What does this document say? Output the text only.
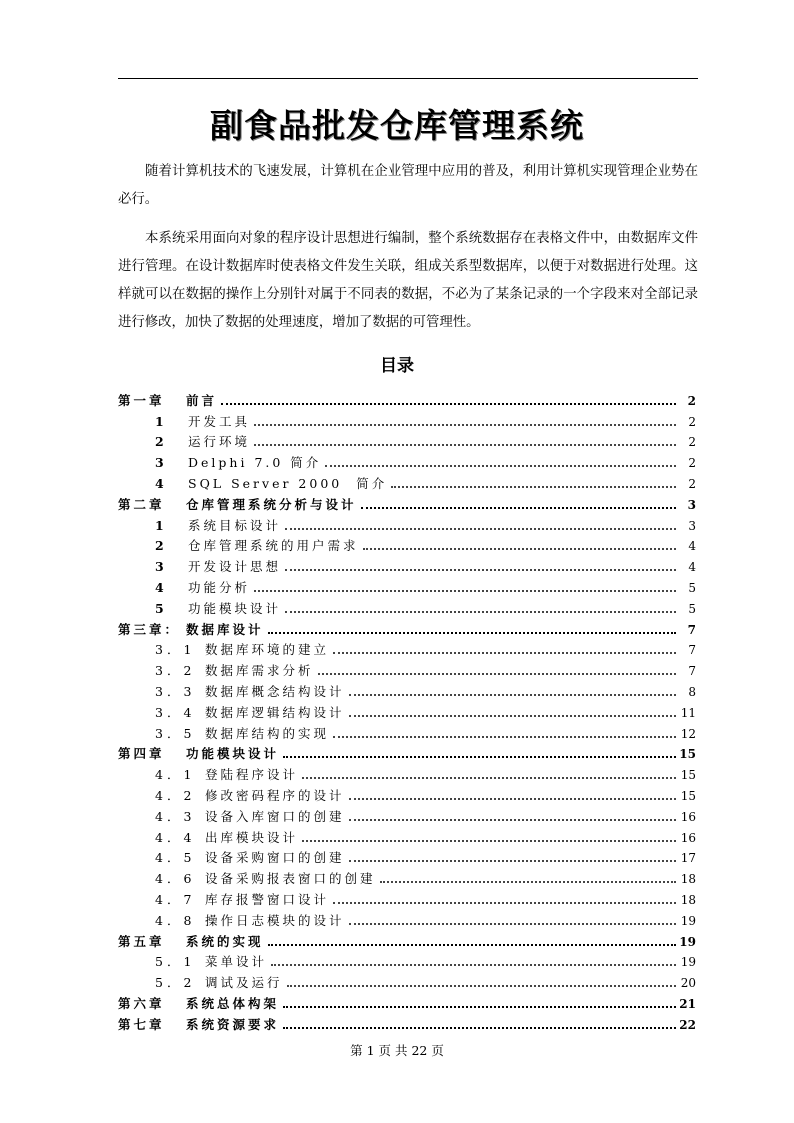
副食品批发仓库管理系统

随着计算机技术的飞速发展，计算机在企业管理中应用的普及，利用计算机实现管理企业势在必行。

本系统采用面向对象的程序设计思想进行编制，整个系统数据存在表格文件中，由数据库文件进行管理。在设计数据库时使表格文件发生关联，组成关系型数据库，以便于对数据进行处理。这样就可以在数据的操作上分别针对属于不同表的数据，不必为了某条记录的一个字段来对全部记录进行修改，加快了数据的处理速度，增加了数据的可管理性。

目录
第一章 前言	2
1	开发工具	2
2	运行环境	2
3	Delphi 7.0 简介	2
4	SQL Server 2000  简介	2
第二章 仓库管理系统分析与设计	3
1	系统目标设计	3
2	仓库管理系统的用户需求	4
3	开发设计思想	4
4	功能分析	5
5	功能模块设计	5
第三章： 数据库设计	7
3．1 数据库环境的建立	7
3．2 数据库需求分析	7
3．3 数据库概念结构设计	8
3．4 数据库逻辑结构设计	11
3．5 数据库结构的实现	12
第四章 功能模块设计	15
4．1 登陆程序设计	15
4．2 修改密码程序的设计	15
4．3 设备入库窗口的创建	16
4．4 出库模块设计	16
4．5 设备采购窗口的创建	17
4．6 设备采购报表窗口的创建	18
4．7 库存报警窗口设计	18
4．8 操作日志模块的设计	19
第五章 系统的实现	19
5．1 菜单设计	19
5．2 调试及运行	20
第六章 系统总体构架	21
第七章 系统资源要求	22
第 1 页 共 22 页
